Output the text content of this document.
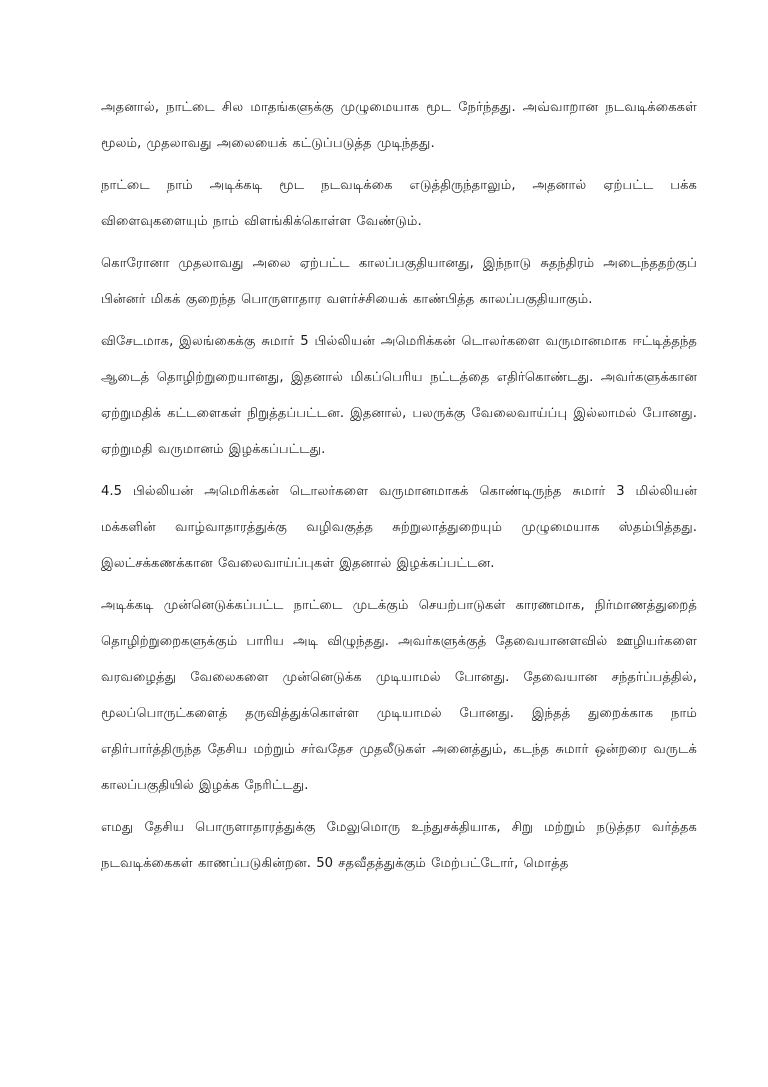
அதனால், நாட்டை சில மாதங்களுக்கு முழுமையாக மூட நேர்ந்தது. அவ்வாறான நடவடிக்கைகள் மூலம், முதலாவது அலையைக் கட்டுப்படுத்த முடிந்தது.

நாட்டை நாம் அடிக்கடி மூட நடவடிக்கை எடுத்திருந்தாலும், அதனால் ஏற்பட்ட பக்க விளைவுகளையும் நாம் விளங்கிக்கொள்ள வேண்டும்.

கொரோனா முதலாவது அலை ஏற்பட்ட காலப்பகுதியானது, இந்நாடு சுதந்திரம் அடைந்ததற்குப் பின்னர் மிகக் குறைந்த பொருளாதார வளர்ச்சியைக் காண்பித்த காலப்பகுதியாகும்.

விசேடமாக, இலங்கைக்கு சுமார் 5 பில்லியன் அமெரிக்கன் டொலர்களை வருமானமாக ஈட்டித்தந்த ஆடைத் தொழிற்றுறையானது, இதனால் மிகப்பெரிய நட்டத்தை எதிர்கொண்டது. அவர்களுக்கான ஏற்றுமதிக் கட்டளைகள் நிறுத்தப்பட்டன. இதனால், பலருக்கு வேலைவாய்ப்பு இல்லாமல் போனது. ஏற்றுமதி வருமானம் இழக்கப்பட்டது.

4.5 பில்லியன் அமெரிக்கன் டொலர்களை வருமானமாகக் கொண்டிருந்த சுமார் 3 மில்லியன் மக்களின் வாழ்வாதாரத்துக்கு வழிவகுத்த சுற்றுலாத்துறையும் முழுமையாக ஸ்தம்பித்தது. இலட்சக்கணக்கான வேலைவாய்ப்புகள் இதனால் இழக்கப்பட்டன.

அடிக்கடி முன்னெடுக்கப்பட்ட நாட்டை முடக்கும் செயற்பாடுகள் காரணமாக, நிர்மாணத்துறைத் தொழிற்றுறைகளுக்கும் பாரிய அடி விழுந்தது. அவர்களுக்குத் தேவையானளவில் ஊழியர்களை வரவழைத்து வேலைகளை முன்னெடுக்க முடியாமல் போனது. தேவையான சந்தர்ப்பத்தில், மூலப்பொருட்களைத் தருவித்துக்கொள்ள முடியாமல் போனது. இந்தத் துறைக்காக நாம் எதிர்பார்த்திருந்த தேசிய மற்றும் சர்வதேச முதலீடுகள் அனைத்தும், கடந்த சுமார் ஒன்றரை வருடக் காலப்பகுதியில் இழக்க நேரிட்டது.

எமது தேசிய பொருளாதாரத்துக்கு மேலுமொரு உந்துசக்தியாக, சிறு மற்றும் நடுத்தர வர்த்தக நடவடிக்கைகள் காணப்படுகின்றன. 50 சதவீதத்துக்கும் மேற்பட்டோர், மொத்த
